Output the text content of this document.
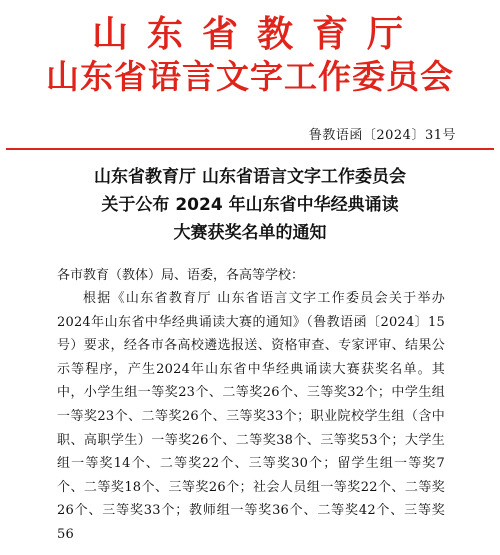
山东省教育厅
山东省语言文字工作委员会
鲁教语函〔2024〕31号
山东省教育厅 山东省语言文字工作委员会
关于公布 2024 年山东省中华经典诵读
大赛获奖名单的通知
各市教育（教体）局、语委，各高等学校：
根据《山东省教育厅 山东省语言文字工作委员会关于举办2024年山东省中华经典诵读大赛的通知》（鲁教语函〔2024〕15号）要求，经各市各高校遴选报送、资格审查、专家评审、结果公示等程序，产生2024年山东省中华经典诵读大赛获奖名单。其中，小学生组一等奖23个、二等奖26个、三等奖32个；中学生组一等奖23个、二等奖26个、三等奖33个；职业院校学生组（含中职、高职学生）一等奖26个、二等奖38个、三等奖53个；大学生组一等奖14个、二等奖22个、三等奖30个；留学生组一等奖7个、二等奖18个、三等奖26个；社会人员组一等奖22个、二等奖26个、三等奖33个；教师组一等奖36个、二等奖42个、三等奖56
